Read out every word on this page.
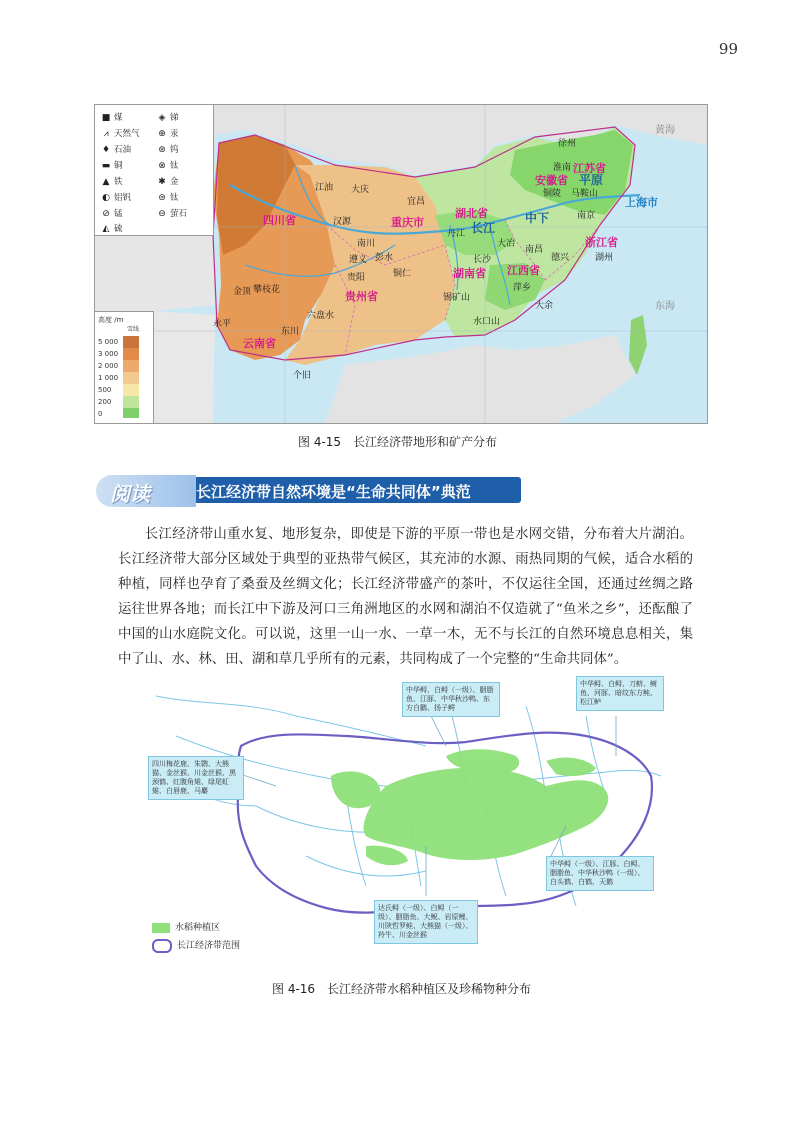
99
■ 煤	◈ 锑
⩘ 天然气 ⊕ 汞
♦ 石油	⊛ 钨
▬ 铜	⊗ 钛
▲ 铁	✱ 金
◐ 铝钒	⊜ 钛
⊘ 锰	⊖ 萤石
◭ 硫
高度 /m
雪线
5 000
3 000
2 000
1 000
500
200
0
四川省
贵州省
云南省
湖北省
湖南省 江西省
安徽省
江苏省
浙江省
上海市
重庆市
徐州
淮南
铜陵 马鞍山
南京
德兴	湖州
萍乡
攀枝花
六盘水
个旧
东川
金顶
锡矿山
大冶
宜昌
江油
南川
铜仁
贵阳
永平
大余
水口山
汉源
丹江
大庆
彭水
遵义	长沙
南昌
长江
中下
平原
黄海
东海
图 4-15　长江经济带地形和矿产分布
长江经济带自然环境是“生命共同体”典范
阅读

长江经济带山重水复、地形复杂，即使是下游的平原一带也是水网交错，分布着大片湖泊。长江经济带大部分区域处于典型的亚热带气候区，其充沛的水源、雨热同期的气候，适合水稻的种植，同样也孕育了桑蚕及丝绸文化；长江经济带盛产的茶叶，不仅运往全国，还通过丝绸之路运往世界各地；而长江中下游及河口三角洲地区的水网和湖泊不仅造就了“鱼米之乡”，还酝酿了中国的山水庭院文化。可以说，这里一山一水、一草一木，无不与长江的自然环境息息相关，集中了山、水、林、田、湖和草几乎所有的元素，共同构成了一个完整的“生命共同体”。

四川梅花鹿、朱鹮、大熊猫、金丝猴、川金丝猴、黑颈鹤、红腹角雉、绿尾虹雉、白唇鹿、马麝
中华鲟、白鲟（一级）、胭脂鱼、江豚、中华秋沙鸭、东方白鹳、扬子鳄
中华鲟、白鲟、刀鲚、鲥鱼、河豚、暗纹东方鲀、松江鲈
中华鲟（一级）、江豚、白鲟、胭脂鱼、中华秋沙鸭（一级）、白头鹤、白鹤、天鹅
达氏鲟（一级）、白鲟（一级）、胭脂鱼、大鲵、岩原鲤、川陕哲罗鲑、大熊猫（一级）、羚牛、川金丝猴
水稻种植区
长江经济带范围
图 4-16　长江经济带水稻种植区及珍稀物种分布
